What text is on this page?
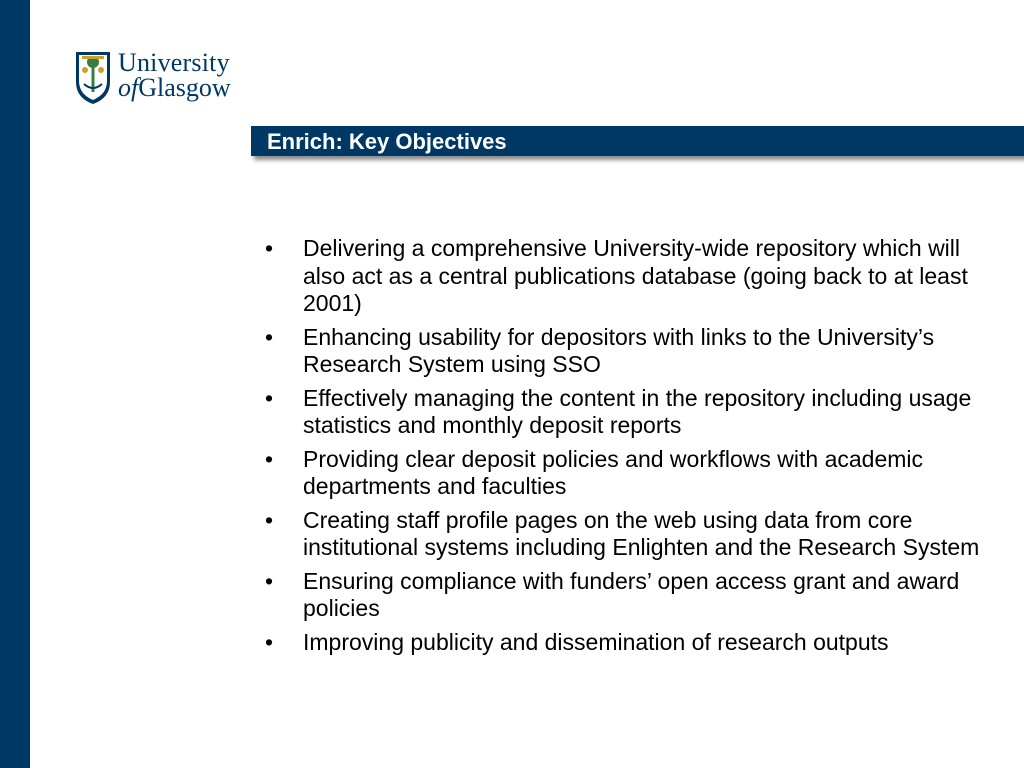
University
ofGlasgow
Enrich: Key Objectives
• Delivering a comprehensive University-wide repository which will also act as a central publications database (going back to at least 2001)
• Enhancing usability for depositors with links to the University’s Research System using SSO
• Effectively managing the content in the repository including usage statistics and monthly deposit reports
• Providing clear deposit policies and workflows with academic departments and faculties
• Creating staff profile pages on the web using data from core institutional systems including Enlighten and the Research System
• Ensuring compliance with funders’ open access grant and award policies
• Improving publicity and dissemination of research outputs
